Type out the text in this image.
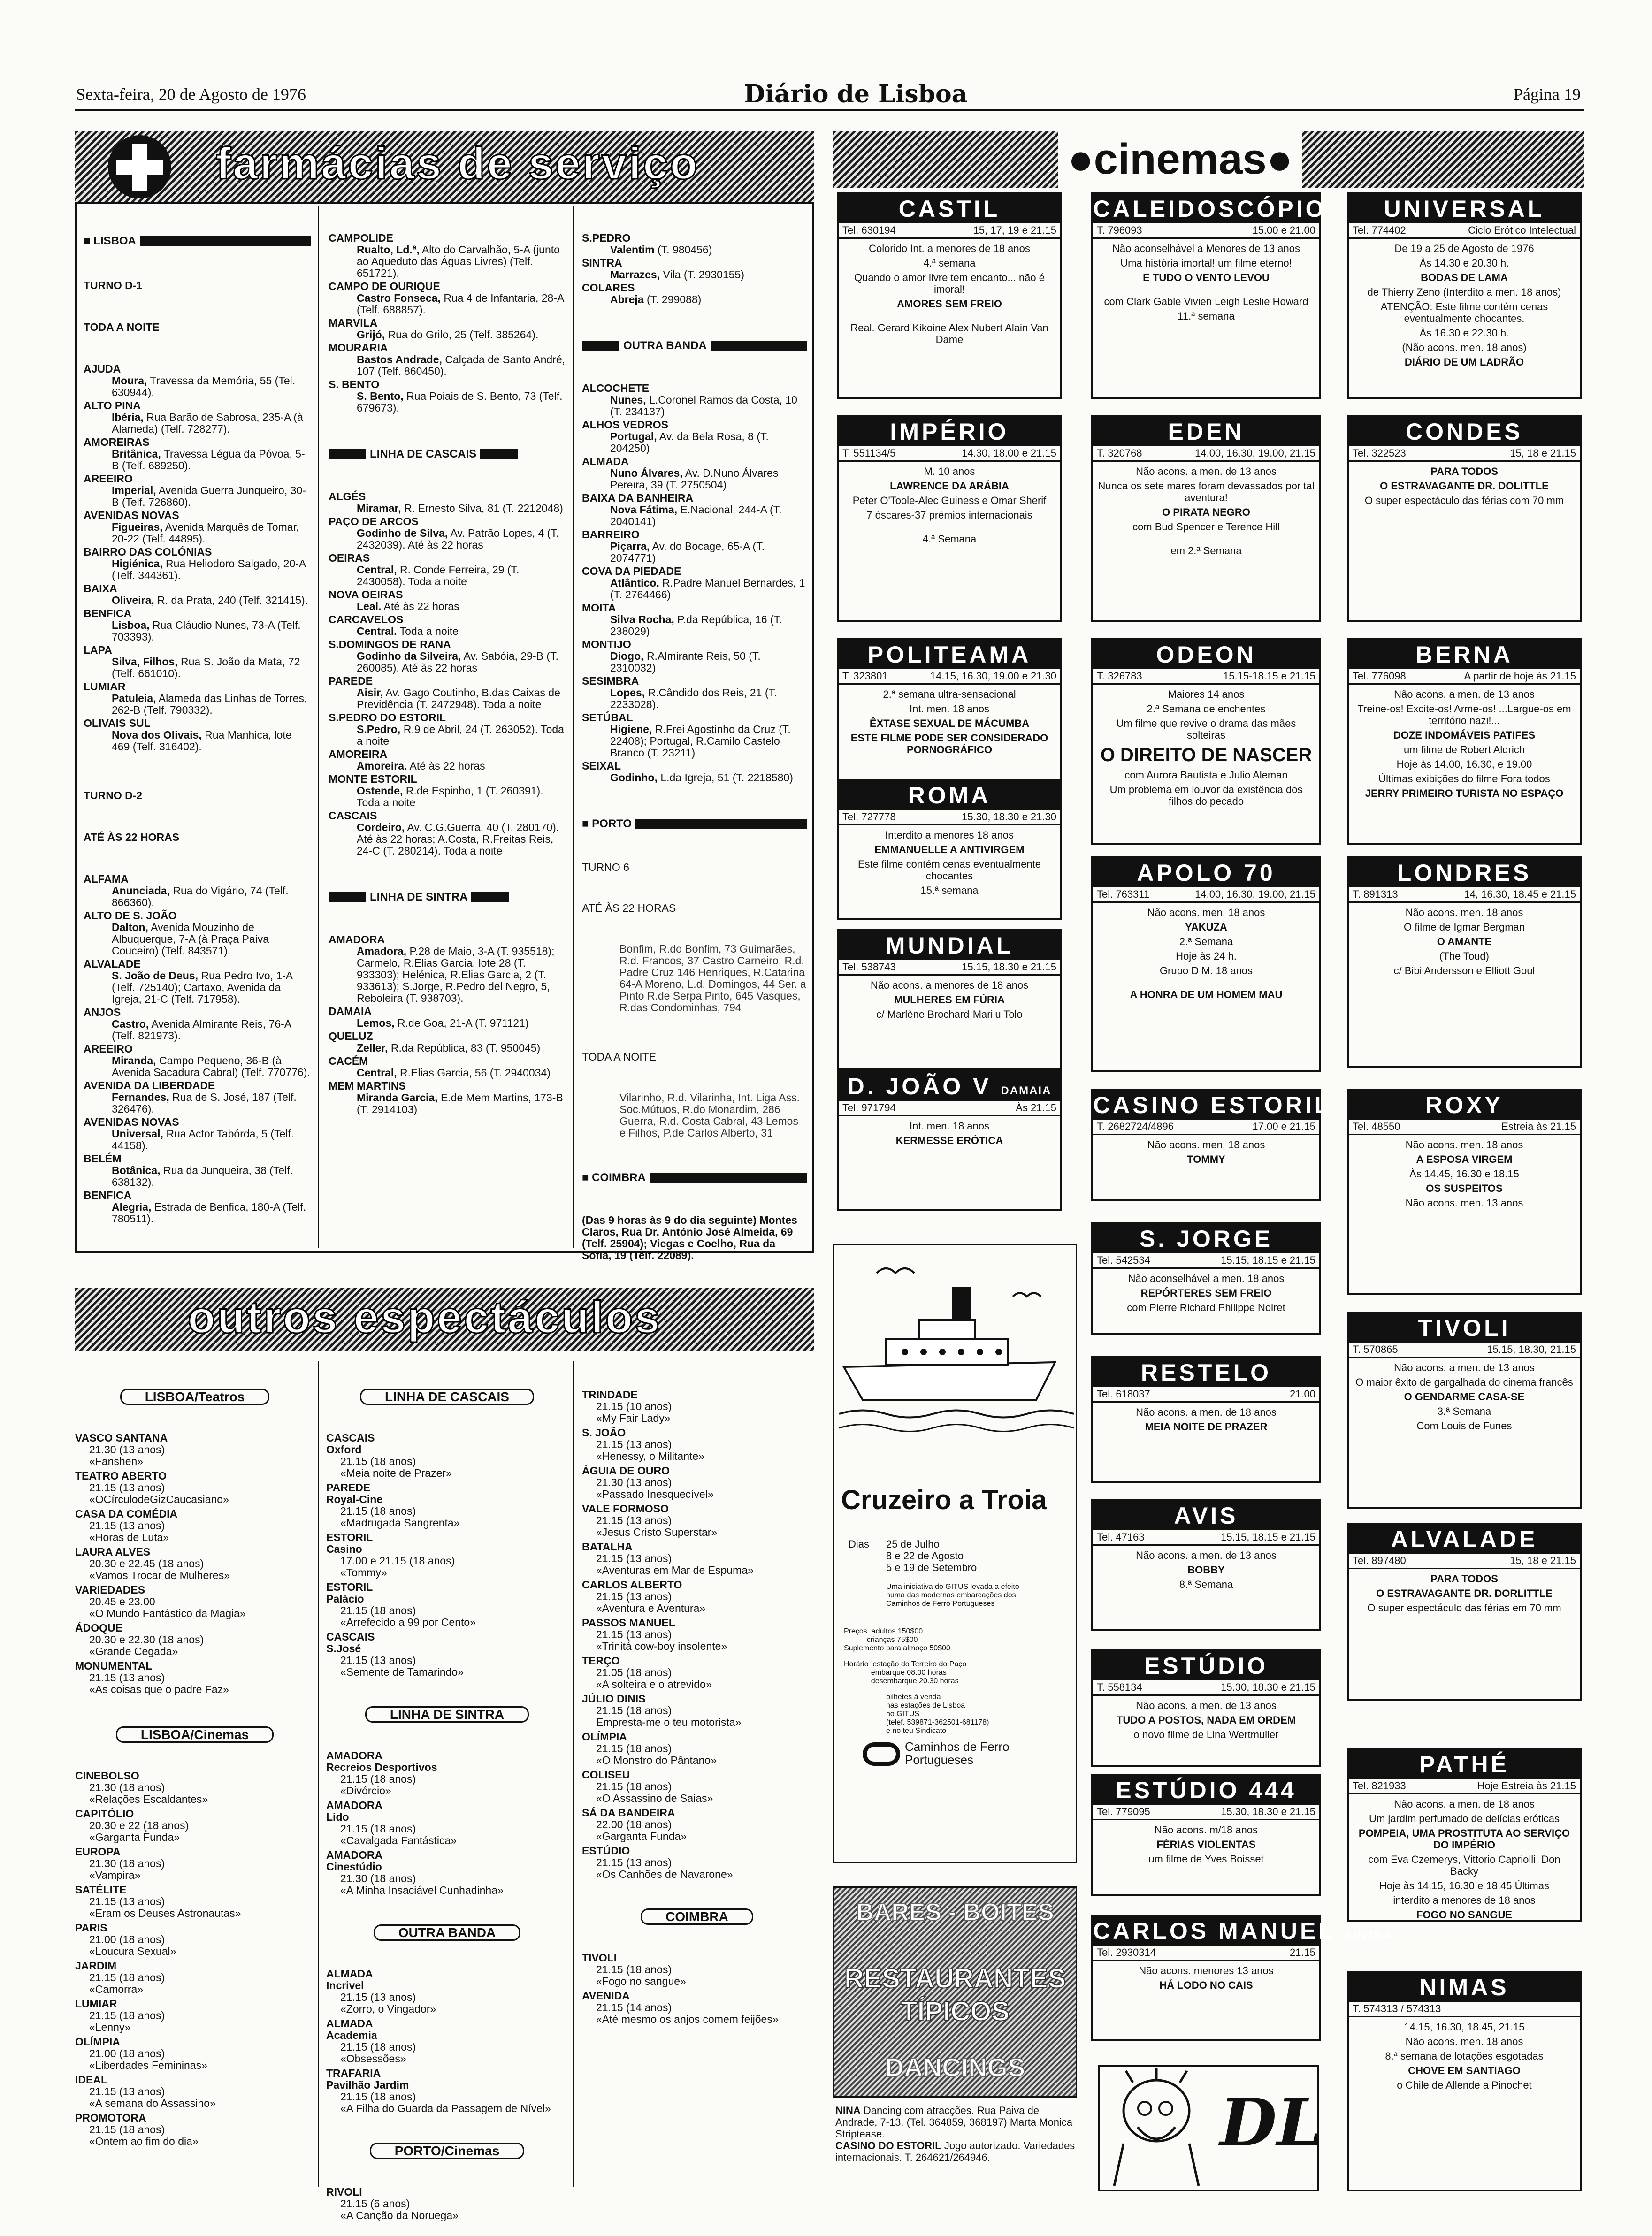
Sexta-feira, 20 de Agosto de 1976	Diário de Lisboa	Página 19
farmácias de serviço

■ LISBOA

TURNO D-1

TODA A NOITE

AJUDA
Moura, Travessa da Memória, 55 (Tel. 630944).
ALTO PINA
Ibéria, Rua Barão de Sabrosa, 235-A (à Alameda) (Telf. 728277).
AMOREIRAS
Britânica, Travessa Légua da Póvoa, 5-B (Telf. 689250).
AREEIRO
Imperial, Avenida Guerra Junqueiro, 30-B (Telf. 726860).
AVENIDAS NOVAS
Figueiras, Avenida Marquês de Tomar, 20-22 (Telf. 44895).
BAIRRO DAS COLÓNIAS
Higiénica, Rua Heliodoro Salgado, 20-A (Telf. 344361).
BAIXA
Oliveira, R. da Prata, 240 (Telf. 321415).
BENFICA
Lisboa, Rua Cláudio Nunes, 73-A (Telf. 703393).
LAPA
Silva, Filhos, Rua S. João da Mata, 72 (Telf. 661010).
LUMIAR
Patuleia, Alameda das Linhas de Torres, 262-B (Telf. 790332).
OLIVAIS SUL
Nova dos Olivais, Rua Manhica, lote 469 (Telf. 316402).

TURNO D-2

ATÉ ÀS 22 HORAS

ALFAMA
Anunciada, Rua do Vigário, 74 (Telf. 866360).
ALTO DE S. JOÃO
Dalton, Avenida Mouzinho de Albuquerque, 7-A (à Praça Paiva Couceiro) (Telf. 843571).
ALVALADE
S. João de Deus, Rua Pedro Ivo, 1-A (Telf. 725140); Cartaxo, Avenida da Igreja, 21-C (Telf. 717958).
ANJOS
Castro, Avenida Almirante Reis, 76-A (Telf. 821973).
AREEIRO
Miranda, Campo Pequeno, 36-B (à Avenida Sacadura Cabral) (Telf. 770776).
AVENIDA DA LIBERDADE
Fernandes, Rua de S. José, 187 (Telf. 326476).
AVENIDAS NOVAS
Universal, Rua Actor Tabórda, 5 (Telf. 44158).
BELÉM
Botânica, Rua da Junqueira, 38 (Telf. 638132).
BENFICA
Alegria, Estrada de Benfica, 180-A (Telf. 780511).

CAMPOLIDE
Rualto, Ld.ª, Alto do Carvalhão, 5-A (junto ao Aqueduto das Águas Livres) (Telf. 651721).
CAMPO DE OURIQUE
Castro Fonseca, Rua 4 de Infantaria, 28-A (Telf. 688857).
MARVILA
Grijó, Rua do Grilo, 25 (Telf. 385264).
MOURARIA
Bastos Andrade, Calçada de Santo André, 107 (Telf. 860450).
S. BENTO
S. Bento, Rua Poiais de S. Bento, 73 (Telf. 679673).

LINHA DE CASCAIS

ALGÉS
Miramar, R. Ernesto Silva, 81 (T. 2212048)
PAÇO DE ARCOS
Godinho de Silva, Av. Patrão Lopes, 4 (T. 2432039). Até às 22 horas
OEIRAS
Central, R. Conde Ferreira, 29 (T. 2430058). Toda a noite
NOVA OEIRAS
Leal. Até às 22 horas
CARCAVELOS
Central. Toda a noite
S.DOMINGOS DE RANA
Godinho da Silveira, Av. Sabóia, 29-B (T. 260085). Até às 22 horas
PAREDE
Aisir, Av. Gago Coutinho, B.das Caixas de Previdência (T. 2472948). Toda a noite
S.PEDRO DO ESTORIL
S.Pedro, R.9 de Abril, 24 (T. 263052). Toda a noite
AMOREIRA
Amoreira. Até às 22 horas
MONTE ESTORIL
Ostende, R.de Espinho, 1 (T. 260391). Toda a noite
CASCAIS
Cordeiro, Av. C.G.Guerra, 40 (T. 280170). Até às 22 horas; A.Costa, R.Freitas Reis, 24-C (T. 280214). Toda a noite

LINHA DE SINTRA

AMADORA
Amadora, P.28 de Maio, 3-A (T. 935518); Carmelo, R.Elias Garcia, lote 28 (T. 933303); Helénica, R.Elias Garcia, 2 (T. 933613); S.Jorge, R.Pedro del Negro, 5, Reboleira (T. 938703).
DAMAIA
Lemos, R.de Goa, 21-A (T. 971121)
QUELUZ
Zeller, R.da República, 83 (T. 950045)
CACÉM
Central, R.Elias Garcia, 56 (T. 2940034)
MEM MARTINS
Miranda Garcia, E.de Mem Martins, 173-B (T. 2914103)

S.PEDRO
Valentim (T. 980456)
SINTRA
Marrazes, Vila (T. 2930155)
COLARES
Abreja (T. 299088)

OUTRA BANDA

ALCOCHETE
Nunes, L.Coronel Ramos da Costa, 10 (T. 234137)
ALHOS VEDROS
Portugal, Av. da Bela Rosa, 8 (T. 204250)
ALMADA
Nuno Álvares, Av. D.Nuno Álvares Pereira, 39 (T. 2750504)
BAIXA DA BANHEIRA
Nova Fátima, E.Nacional, 244-A (T. 2040141)
BARREIRO
Piçarra, Av. do Bocage, 65-A (T. 2074771)
COVA DA PIEDADE
Atlântico, R.Padre Manuel Bernardes, 1 (T. 2764466)
MOITA
Silva Rocha, P.da República, 16 (T. 238029)
MONTIJO
Diogo, R.Almirante Reis, 50 (T. 2310032)
SESIMBRA
Lopes, R.Cândido dos Reis, 21 (T. 2233028).
SETÚBAL
Higiene, R.Frei Agostinho da Cruz (T. 22408); Portugal, R.Camilo Castelo Branco (T. 23211)
SEIXAL
Godinho, L.da Igreja, 51 (T. 2218580)

■ PORTO

TURNO 6

ATÉ ÀS 22 HORAS

Bonfim, R.do Bonfim, 73 Guimarães, R.d. Francos, 37 Castro Carneiro, R.d. Padre Cruz 146 Henriques, R.Catarina 64-A Moreno, L.d. Domingos, 44 Ser. a Pinto R.de Serpa Pinto, 645 Vasques, R.das Condominhas, 794

TODA A NOITE

Vilarinho, R.d. Vilarinha, Int. Liga Ass. Soc.Mútuos, R.do Monardim, 286 Guerra, R.d. Costa Cabral, 43 Lemos e Filhos, P.de Carlos Alberto, 31

■ COIMBRA

(Das 9 horas às 9 do dia seguinte) Montes Claros, Rua Dr. António José Almeida, 69 (Telf. 25904); Viegas e Coelho, Rua da Sofia, 19 (Telf. 22089).

outros espectáculos

LISBOA/Teatros

VASCO SANTANA
21.30 (13 anos)
«Fanshen»
TEATRO ABERTO
21.15 (13 anos)
«OCírculodeGizCaucasiano»
CASA DA COMÉDIA
21.15 (13 anos)
«Horas de Luta»
LAURA ALVES
20.30 e 22.45 (18 anos)
«Vamos Trocar de Mulheres»
VARIEDADES
20.45 e 23.00
«O Mundo Fantástico da Magia»
ÁDOQUE
20.30 e 22.30 (18 anos)
«Grande Cegada»
MONUMENTAL
21.15 (13 anos)
«As coisas que o padre Faz»

LISBOA/Cinemas

CINEBOLSO
21.30 (18 anos)
«Relações Escaldantes»
CAPITÓLIO
20.30 e 22 (18 anos)
«Garganta Funda»
EUROPA
21.30 (18 anos)
«Vampira»
SATÉLITE
21.15 (13 anos)
«Eram os Deuses Astronautas»
PARIS
21.00 (18 anos)
«Loucura Sexual»
JARDIM
21.15 (18 anos)
«Camorra»
LUMIAR
21.15 (18 anos)
«Lenny»
OLÍMPIA
21.00 (18 anos)
«Liberdades Femininas»
IDEAL
21.15 (13 anos)
«A semana do Assassino»
PROMOTORA
21.15 (18 anos)
«Ontem ao fim do dia»

LINHA DE CASCAIS

CASCAIS
Oxford
21.15 (18 anos)
«Meia noite de Prazer»
PAREDE
Royal-Cine
21.15 (18 anos)
«Madrugada Sangrenta»
ESTORIL
Casino
17.00 e 21.15 (18 anos)
«Tommy»
ESTORIL
Palácio
21.15 (18 anos)
«Arrefecido a 99 por Cento»
CASCAIS
S.José
21.15 (13 anos)
«Semente de Tamarindo»

LINHA DE SINTRA

AMADORA
Recreios Desportivos
21.15 (18 anos)
«Divórcio»
AMADORA
Lido
21.15 (18 anos)
«Cavalgada Fantástica»
AMADORA
Cinestúdio
21.30 (18 anos)
«A Minha Insaciável Cunhadinha»

OUTRA BANDA

ALMADA
Incrivel
21.15 (13 anos)
«Zorro, o Vingador»
ALMADA
Academia
21.15 (18 anos)
«Obsessões»
TRAFARIA
Pavilhão Jardim
21.15 (18 anos)
«A Filha do Guarda da Passagem de Nível»

PORTO/Cinemas

RIVOLI
21.15 (6 anos)
«A Canção da Noruega»

TRINDADE
21.15 (10 anos)
«My Fair Lady»
S. JOÃO
21.15 (13 anos)
«Henessy, o Militante»
ÁGUIA DE OURO
21.30 (13 anos)
«Passado Inesquecível»
VALE FORMOSO
21.15 (13 anos)
«Jesus Cristo Superstar»
BATALHA
21.15 (13 anos)
«Aventuras em Mar de Espuma»
CARLOS ALBERTO
21.15 (13 anos)
«Aventura e Aventura»
PASSOS MANUEL
21.15 (13 anos)
«Trinitá cow-boy insolente»
TERÇO
21.05 (18 anos)
«A solteira e o atrevido»
JÚLIO DINIS
21.15 (18 anos)
Empresta-me o teu motorista»
OLÍMPIA
21.15 (18 anos)
«O Monstro do Pântano»
COLISEU
21.15 (18 anos)
«O Assassino de Saias»
SÁ DA BANDEIRA
22.00 (18 anos)
«Garganta Funda»
ESTÚDIO
21.15 (13 anos)
«Os Canhões de Navarone»

COIMBRA

TIVOLI
21.15 (18 anos)
«Fogo no sangue»
AVENIDA
21.15 (14 anos)
«Até mesmo os anjos comem feijões»

●cinemas●
CASTIL
Tel. 630194	15, 17, 19 e 21.15
Colorido Int. a menores de 18 anos
4.ª semana
Quando o amor livre tem encanto... não é imoral!
AMORES SEM FREIO
Real. Gerard Kikoine Alex Nubert Alain Van Dame
CALEIDOSCÓPIO
T. 796093	15.00 e 21.00
Não aconselhável a Menores de 13 anos
Uma história imortal! um filme eterno!
E TUDO O VENTO LEVOU
com Clark Gable Vivien Leigh Leslie Howard
11.ª semana
UNIVERSAL
Tel. 774402	Ciclo Erótico Intelectual
De 19 a 25 de Agosto de 1976
Às 14.30 e 20.30 h.
BODAS DE LAMA
de Thierry Zeno (Interdito a men. 18 anos)
ATENÇÃO: Este filme contém cenas eventualmente chocantes.
Às 16.30 e 22.30 h.
(Não acons. men. 18 anos)
DIÁRIO DE UM LADRÃO
IMPÉRIO
T. 551134/5	14.30, 18.00 e 21.15
M. 10 anos
LAWRENCE DA ARÁBIA
Peter O'Toole-Alec Guiness e Omar Sherif
7 óscares-37 prémios internacionais
4.ª Semana
EDEN
T. 320768	14.00, 16.30, 19.00, 21.15
Não acons. a men. de 13 anos
Nunca os sete mares foram devassados por tal aventura!
O PIRATA NEGRO
com Bud Spencer e Terence Hill
em 2.ª Semana
CONDES
Tel. 322523	15, 18 e 21.15
PARA TODOS
O ESTRAVAGANTE DR. DOLITTLE
O super espectáculo das férias com 70 mm
POLITEAMA
T. 323801	14.15, 16.30, 19.00 e 21.30
2.ª semana ultra-sensacional
Int. men. 18 anos
ÊXTASE SEXUAL DE MÁCUMBA
ESTE FILME PODE SER CONSIDERADO PORNOGRÁFICO
ODEON
T. 326783	15.15-18.15 e 21.15
Maiores 14 anos
2.ª Semana de enchentes
Um filme que revive o drama das mães solteiras
O DIREITO DE NASCER
com Aurora Bautista e Julio Aleman
Um problema em louvor da existência dos filhos do pecado
BERNA
Tel. 776098	A partir de hoje às 21.15
Não acons. a men. de 13 anos
Treine-os! Excite-os! Arme-os! ...Largue-os em território nazi!...
DOZE INDOMÁVEIS PATIFES
um filme de Robert Aldrich
Hoje às 14.00, 16.30, e 19.00
Últimas exibições do filme Fora todos
JERRY PRIMEIRO TURISTA NO ESPAÇO
ROMA
Tel. 727778	15.30, 18.30 e 21.30
Interdito a menores 18 anos
EMMANUELLE A ANTIVIRGEM
Este filme contém cenas eventualmente chocantes
15.ª semana
APOLO 70
Tel. 763311	14.00, 16.30, 19.00, 21.15
Não acons. men. 18 anos
YAKUZA
2.ª Semana
Hoje às 24 h.
Grupo D M. 18 anos
A HONRA DE UM HOMEM MAU
LONDRES
T. 891313	14, 16.30, 18.45 e 21.15
Não acons. men. 18 anos
O filme de Igmar Bergman
O AMANTE
(The Toud)
c/ Bibi Andersson e Elliott Goul
MUNDIAL
Tel. 538743	15.15, 18.30 e 21.15
Não acons. a menores de 18 anos
MULHERES EM FÚRIA
c/ Marlène Brochard-Marilu Tolo
D. JOÃO V DAMAIA
Tel. 971794	Às 21.15
Int. men. 18 anos
KERMESSE ERÓTICA
CASINO ESTORIL
T. 2682724/4896	17.00 e 21.15
Não acons. men. 18 anos
TOMMY
ROXY
Tel. 48550	Estreia às 21.15
Não acons. men. 18 anos
A ESPOSA VIRGEM
Às 14.45, 16.30 e 18.15
OS SUSPEITOS
Não acons. men. 13 anos
S. JORGE
Tel. 542534	15.15, 18.15 e 21.15
Não aconselhável a men. 18 anos
REPÓRTERES SEM FREIO
com Pierre Richard Philippe Noiret
TIVOLI
T. 570865	15.15, 18.30, 21.15
Não acons. a men. de 13 anos
O maior êxito de gargalhada do cinema francês
O GENDARME CASA-SE
3.ª Semana
Com Louis de Funes
RESTELO
Tel. 618037	21.00
Não acons. a men. de 18 anos
MEIA NOITE DE PRAZER
AVIS
Tel. 47163	15.15, 18.15 e 21.15
Não acons. a men. de 13 anos
BOBBY
8.ª Semana
ALVALADE
Tel. 897480	15, 18 e 21.15
PARA TODOS
O ESTRAVAGANTE DR. DORLITTLE
O super espectáculo das férias em 70 mm
ESTÚDIO
T. 558134	15.30, 18.30 e 21.15
Não acons. a men. de 13 anos
TUDO A POSTOS, NADA EM ORDEM
o novo filme de Lina Wertmuller
PATHÉ
Tel. 821933	Hoje Estreia às 21.15
Não acons. a men. de 18 anos
Um jardim perfumado de delícias eróticas
POMPEIA, UMA PROSTITUTA AO SERVIÇO DO IMPÉRIO
com Eva Czemerys, Vittorio Capriolli, Don Backy
Hoje às 14.15, 16.30 e 18.45 Últimas
interdito a menores de 18 anos
FOGO NO SANGUE
ESTÚDIO 444
Tel. 779095	15.30, 18.30 e 21.15
Não acons. m/18 anos
FÉRIAS VIOLENTAS
um filme de Yves Boisset
CARLOS MANUEL SINTRA
Tel. 2930314	21.15
Não acons. menores 13 anos
HÁ LODO NO CAIS	NIMAS
T. 574313 / 574313
14.15, 16.30, 18.45, 21.15
Não acons. men. 18 anos
8.ª semana de lotações esgotadas
CHOVE EM SANTIAGO
o Chile de Allende a Pinochet
Cruzeiro a Troia
Dias 25 de Julho
8 e 22 de Agosto
5 e 19 de Setembro
Uma iniciativa do GITUS levada a efeito numa das modernas embarcações dos Caminhos de Ferro Portugueses
Preços  adultos 150$00
crianças 75$00
Suplemento para almoço 50$00
Horário  estação do Terreiro do Paço
embarque 08.00 horas
desembarque 20.30 horas
bilhetes à venda
nas estações de Lisboa
no GITUS
(telef. 539871-362501-681178)
e no teu Sindicato
Caminhos de Ferro Portugueses
BARES - BOITES
RESTAURANTES
TÍPICOS
DANCINGS
NINA Dancing com atracções. Rua Paiva de Andrade, 7-13. (Tel. 364859, 368197) Marta Monica Striptease.
CASINO DO ESTORIL Jogo autorizado. Variedades internacionais. T. 264621/264946.	DL
